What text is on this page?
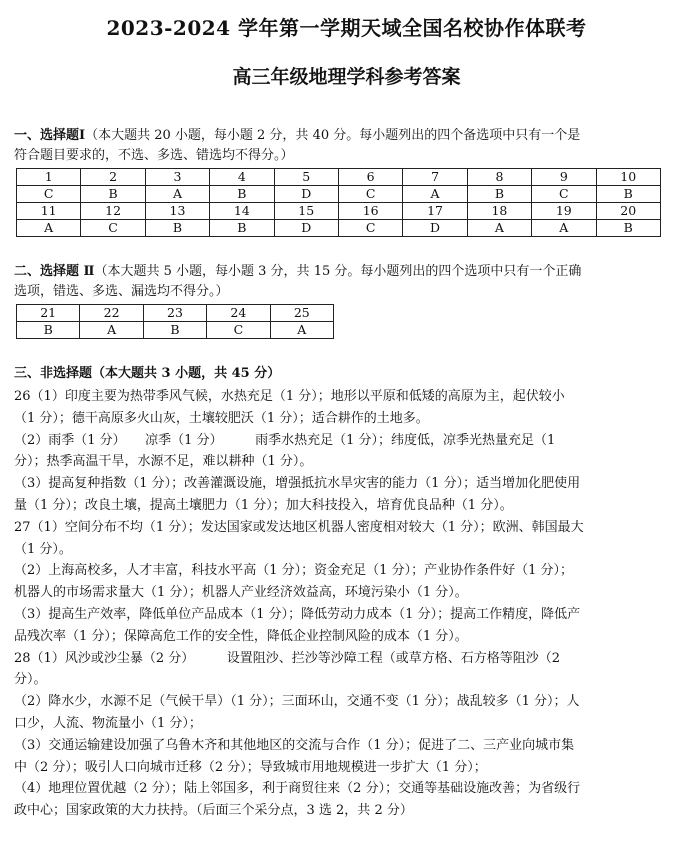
2023-2024 学年第一学期天域全国名校协作体联考
高三年级地理学科参考答案
一、选择题Ⅰ（本大题共 20 小题，每小题 2 分，共 40 分。每小题列出的四个备选项中只有一个是
符合题目要求的，不选、多选、错选均不得分。）
1	2	3	4	5	6	7	8	9	10
C	B	A	B	D	C	A	B	C	B
11	12	13	14	15	16	17	18	19	20
A	C	B	B	D	C	D	A	A	B
二、选择题 Ⅱ（本大题共 5 小题，每小题 3 分，共 15 分。每小题列出的四个选项中只有一个正确
选项，错选、多选、漏选均不得分。）
21	22	23	24	25
B	A	B	C	A
三、非选择题（本大题共 3 小题，共 45 分）
26（1）印度主要为热带季风气候，水热充足（1 分）；地形以平原和低矮的高原为主，起伏较小
（1 分）；德干高原多火山灰，土壤较肥沃（1 分）；适合耕作的土地多。
（2）雨季（1 分）　　凉季（1 分）　　　雨季水热充足（1 分）；纬度低，凉季光热量充足（1
分）；热季高温干旱，水源不足，难以耕种（1 分）。
（3）提高复种指数（1 分）；改善灌溉设施，增强抵抗水旱灾害的能力（1 分）；适当增加化肥使用
量（1 分）；改良土壤，提高土壤肥力（1 分）；加大科技投入，培育优良品种（1 分）。
27（1）空间分布不均（1 分）；发达国家或发达地区机器人密度相对较大（1 分）；欧洲、韩国最大
（1 分）。
（2）上海高校多，人才丰富，科技水平高（1 分）；资金充足（1 分）；产业协作条件好（1 分）；
机器人的市场需求量大（1 分）；机器人产业经济效益高，环境污染小（1 分）。
（3）提高生产效率，降低单位产品成本（1 分）；降低劳动力成本（1 分）；提高工作精度，降低产
品残次率（1 分）；保障高危工作的安全性，降低企业控制风险的成本（1 分）。
28（1）风沙或沙尘暴（2 分）　　　设置阻沙、拦沙等沙障工程（或草方格、石方格等阻沙（2
分）。
（2）降水少，水源不足（气候干旱）（1 分）；三面环山，交通不变（1 分）；战乱较多（1 分）；人
口少，人流、物流量小（1 分）；
（3）交通运输建设加强了乌鲁木齐和其他地区的交流与合作（1 分）；促进了二、三产业向城市集
中（2 分）；吸引人口向城市迁移（2 分）；导致城市用地规模进一步扩大（1 分）；
（4）地理位置优越（2 分）；陆上邻国多，利于商贸往来（2 分）；交通等基础设施改善；为省级行
政中心；国家政策的大力扶持。（后面三个采分点，3 选 2，共 2 分）
